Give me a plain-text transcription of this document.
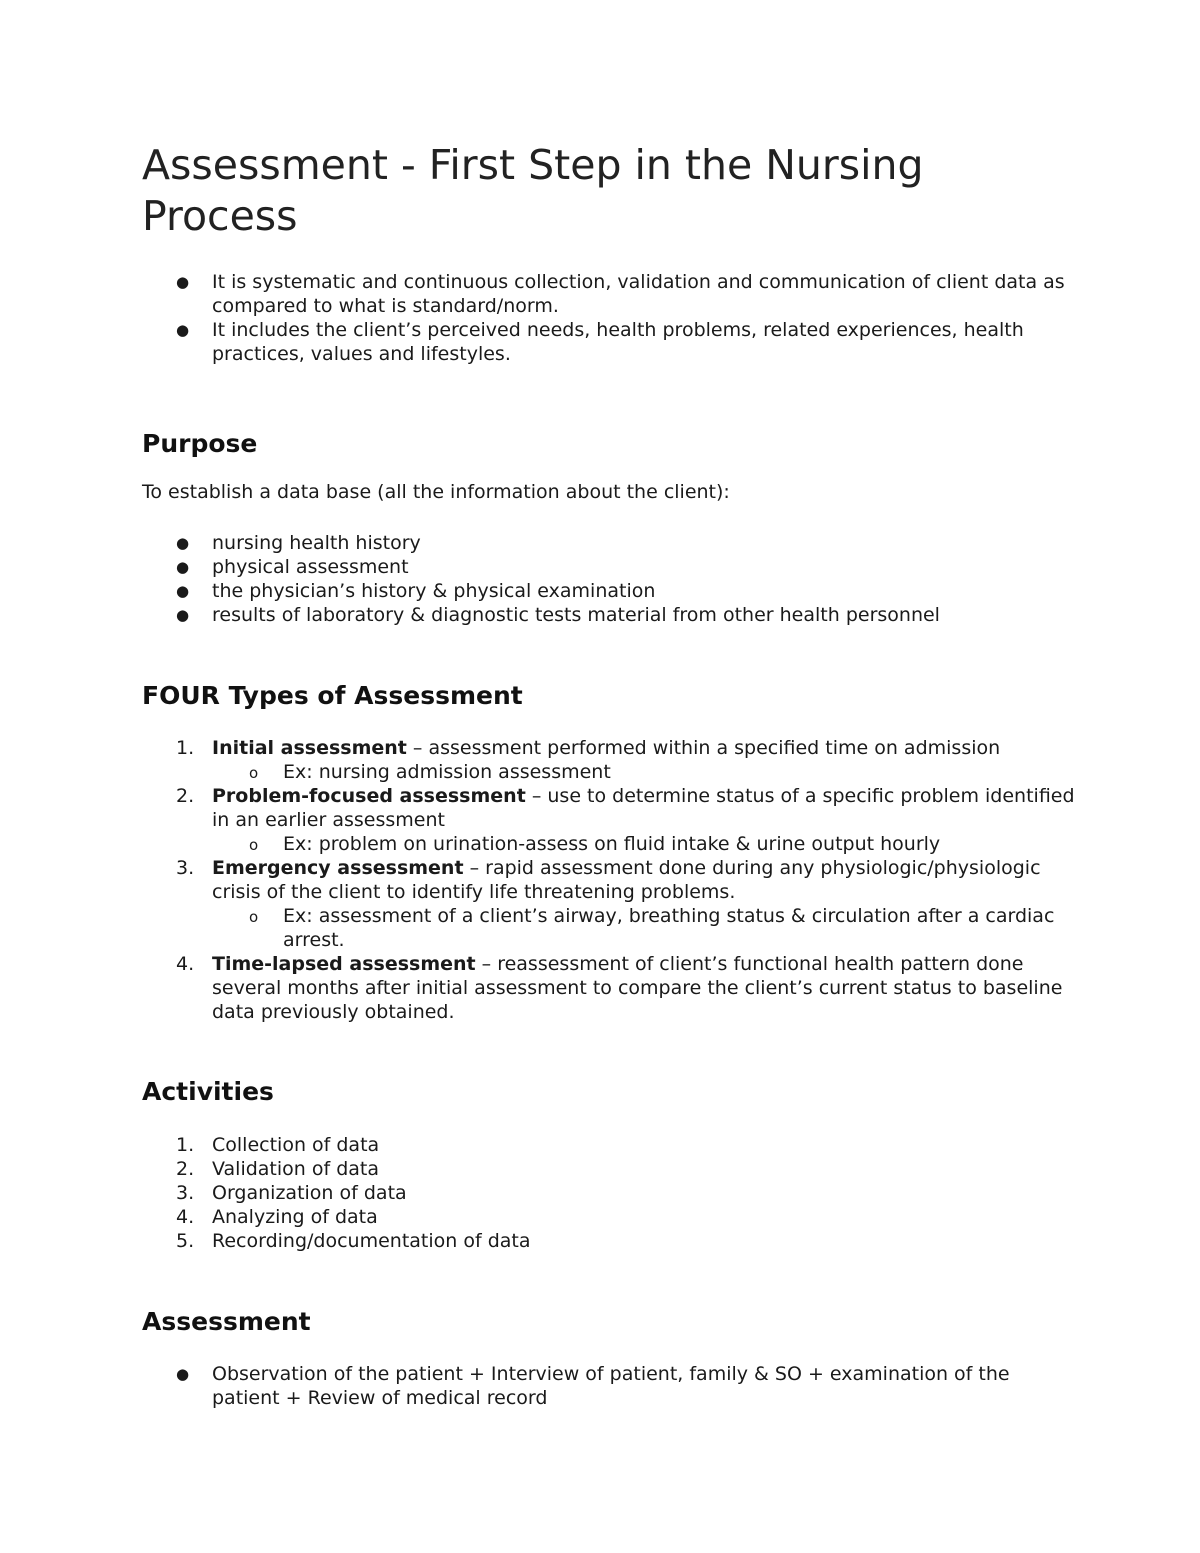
Assessment - First Step in the Nursing Process
● It is systematic and continuous collection, validation and communication of client data as compared to what is standard/norm.
● It includes the client’s perceived needs, health problems, related experiences, health practices, values and lifestyles.
Purpose

To establish a data base (all the information about the client):

● nursing health history
● physical assessment
● the physician’s history & physical examination
● results of laboratory & diagnostic tests material from other health personnel
FOUR Types of Assessment
1. Initial assessment – assessment performed within a specified time on admission
o Ex: nursing admission assessment
2. Problem-focused assessment – use to determine status of a specific problem identified in an earlier assessment
o Ex: problem on urination-assess on fluid intake & urine output hourly
3. Emergency assessment – rapid assessment done during any physiologic/physiologic crisis of the client to identify life threatening problems.
o Ex: assessment of a client’s airway, breathing status & circulation after a cardiac arrest.
4. Time-lapsed assessment – reassessment of client’s functional health pattern done several months after initial assessment to compare the client’s current status to baseline data previously obtained.
Activities
1. Collection of data
2. Validation of data
3. Organization of data
4. Analyzing of data
5. Recording/documentation of data
Assessment
● Observation of the patient + Interview of patient, family & SO + examination of the patient + Review of medical record
